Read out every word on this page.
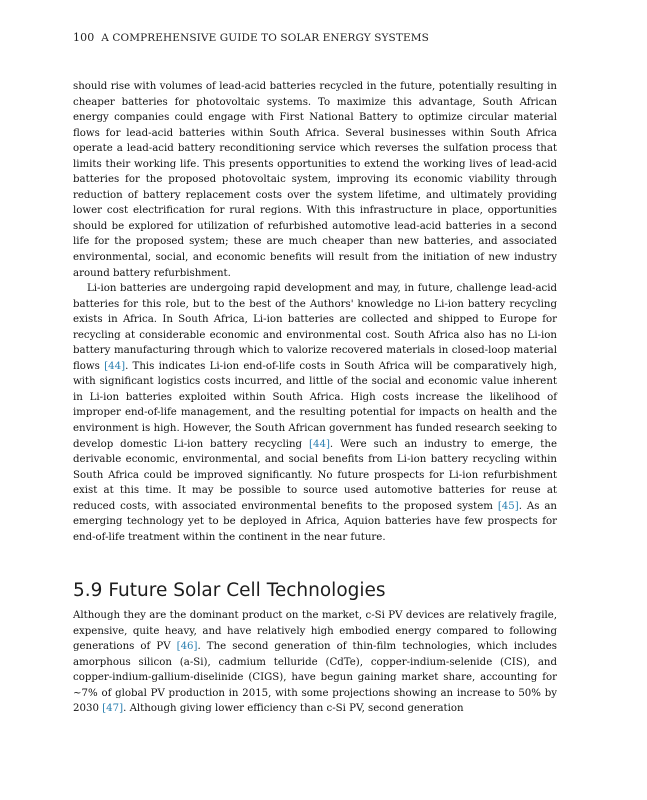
100 A COMPREHENSIVE GUIDE TO SOLAR ENERGY SYSTEMS

should rise with volumes of lead-acid batteries recycled in the future, potentially resulting in cheaper batteries for photovoltaic systems. To maximize this advantage, South African energy companies could engage with First National Battery to optimize circular material flows for lead-acid batteries within South Africa. Several businesses within South Africa operate a lead-acid battery reconditioning service which reverses the sulfation process that limits their working life. This presents opportunities to extend the working lives of lead-acid batteries for the proposed photovoltaic system, improving its economic viability through reduction of battery replacement costs over the system lifetime, and ultimately providing lower cost electrification for rural regions. With this infrastructure in place, opportunities should be explored for utilization of refurbished automotive lead-acid batteries in a second life for the proposed system; these are much cheaper than new batteries, and associated environmental, social, and economic benefits will result from the initiation of new industry around battery refurbishment.

Li-ion batteries are undergoing rapid development and may, in future, challenge lead-acid batteries for this role, but to the best of the Authors' knowledge no Li-ion battery recycling exists in Africa. In South Africa, Li-ion batteries are collected and shipped to Europe for recycling at considerable economic and environmental cost. South Africa also has no Li-ion battery manufacturing through which to valorize recovered materials in closed-loop material flows [44]. This indicates Li-ion end-of-life costs in South Africa will be comparatively high, with significant logistics costs incurred, and little of the social and economic value inherent in Li-ion batteries exploited within South Africa. High costs increase the likelihood of improper end-of-life management, and the resulting potential for impacts on health and the environment is high. However, the South African government has funded research seeking to develop domestic Li-ion battery recycling [44]. Were such an industry to emerge, the derivable economic, environmental, and social benefits from Li-ion battery recycling within South Africa could be improved significantly. No future prospects for Li-ion refurbishment exist at this time. It may be possible to source used automotive batteries for reuse at reduced costs, with associated environmental benefits to the proposed system [45]. As an emerging technology yet to be deployed in Africa, Aquion batteries have few prospects for end-of-life treatment within the continent in the near future.

5.9 Future Solar Cell Technologies

Although they are the dominant product on the market, c-Si PV devices are relatively fragile, expensive, quite heavy, and have relatively high embodied energy compared to following generations of PV [46]. The second generation of thin-film technologies, which includes amorphous silicon (a-Si), cadmium telluride (CdTe), copper-indium-selenide (CIS), and copper-indium-gallium-diselinide (CIGS), have begun gaining market share, accounting for ~7% of global PV production in 2015, with some projections showing an increase to 50% by 2030 [47]. Although giving lower efficiency than c-Si PV, second generation
